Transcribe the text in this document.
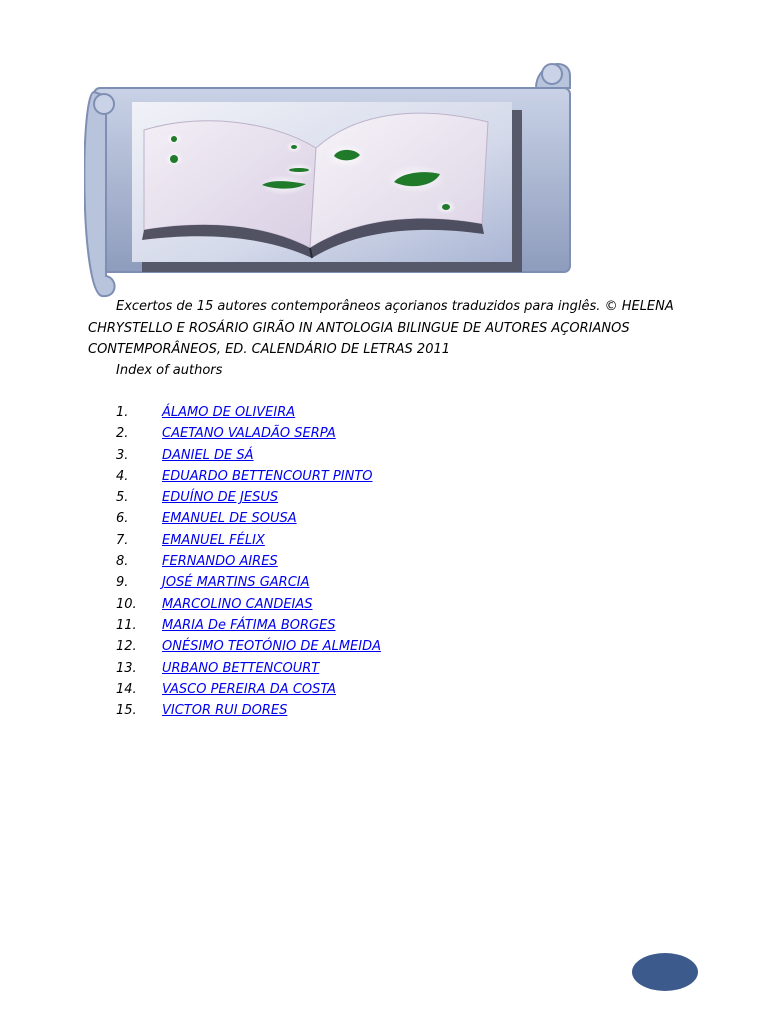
Excertos de 15 autores contemporâneos açorianos traduzidos para inglês. © HELENA CHRYSTELLO E ROSÁRIO GIRÃO IN ANTOLOGIA BILINGUE DE AUTORES AÇORIANOS CONTEMPORÂNEOS, ED. CALENDÁRIO DE LETRAS 2011

Index of authors
1.	ÁLAMO DE OLIVEIRA
2.	CAETANO VALADÃO SERPA
3.	DANIEL DE SÁ
4.	EDUARDO BETTENCOURT PINTO
5.	EDUÍNO DE JESUS
6.	EMANUEL DE SOUSA
7.	EMANUEL FÉLIX
8.	FERNANDO AIRES
9.	JOSÉ MARTINS GARCIA
10. MARCOLINO CANDEIAS
11. MARIA De FÁTIMA BORGES
12. ONÉSIMO TEOTÓNIO DE ALMEIDA
13. URBANO BETTENCOURT
14. VASCO PEREIRA DA COSTA
15. VICTOR RUI DORES
